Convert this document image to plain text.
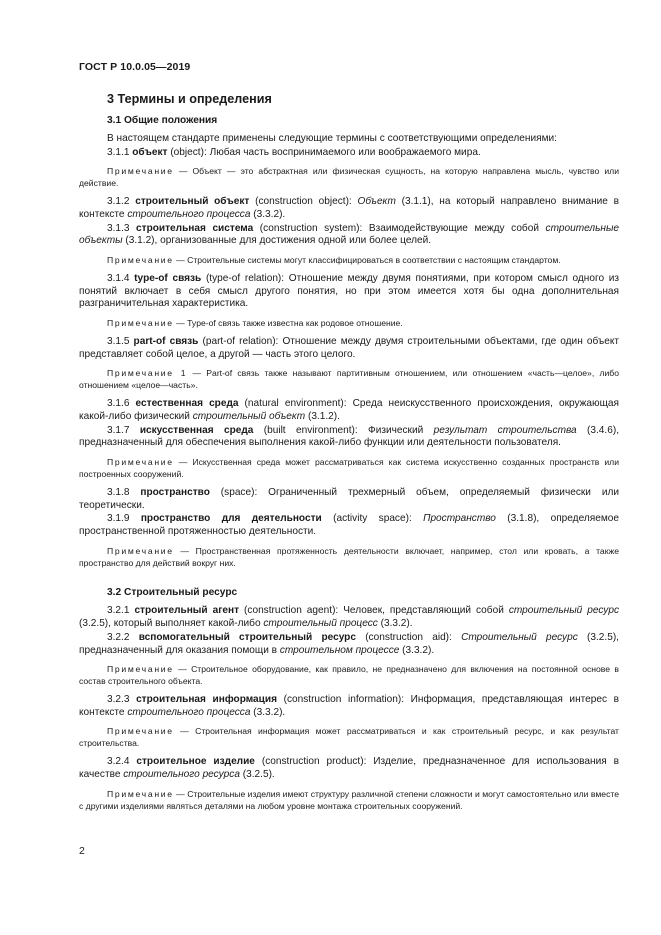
ГОСТ Р 10.0.05—2019
3 Термины и определения
3.1 Общие положения

В настоящем стандарте применены следующие термины с соответствующими определениями:

3.1.1 объект (object): Любая часть воспринимаемого или воображаемого мира.

Примечание — Объект — это абстрактная или физическая сущность, на которую направлена мысль, чувство или действие.

3.1.2 строительный объект (construction object): Объект (3.1.1), на который направлено внимание в контексте строительного процесса (3.3.2).

3.1.3 строительная система (construction system): Взаимодействующие между собой строительные объекты (3.1.2), организованные для достижения одной или более целей.

Примечание — Строительные системы могут классифицироваться в соответствии с настоящим стандартом.

3.1.4 type-of связь (type-of relation): Отношение между двумя понятиями, при котором смысл одного из понятий включает в себя смысл другого понятия, но при этом имеется хотя бы одна дополнительная разграничительная характеристика.

Примечание — Type-of связь также известна как родовое отношение.

3.1.5 part-of связь (part-of relation): Отношение между двумя строительными объектами, где один объект представляет собой целое, а другой — часть этого целого.

Примечание 1 — Part-of связь также называют партитивным отношением, или отношением «часть—целое», либо отношением «целое—часть».

3.1.6 естественная среда (natural environment): Среда неискусственного происхождения, окружающая какой-либо физический строительный объект (3.1.2).

3.1.7 искусственная среда (built environment): Физический результат строительства (3.4.6), предназначенный для обеспечения выполнения какой-либо функции или деятельности пользователя.

Примечание — Искусственная среда может рассматриваться как система искусственно созданных пространств или построенных сооружений.

3.1.8 пространство (space): Ограниченный трехмерный объем, определяемый физически или теоретически.

3.1.9 пространство для деятельности (activity space): Пространство (3.1.8), определяемое пространственной протяженностью деятельности.

Примечание — Пространственная протяженность деятельности включает, например, стол или кровать, а также пространство для действий вокруг них.

3.2 Строительный ресурс

3.2.1 строительный агент (construction agent): Человек, представляющий собой строительный ресурс (3.2.5), который выполняет какой-либо строительный процесс (3.3.2).

3.2.2 вспомогательный строительный ресурс (construction aid): Строительный ресурс (3.2.5), предназначенный для оказания помощи в строительном процессе (3.3.2).

Примечание — Строительное оборудование, как правило, не предназначено для включения на постоянной основе в состав строительного объекта.

3.2.3 строительная информация (construction information): Информация, представляющая интерес в контексте строительного процесса (3.3.2).

Примечание — Строительная информация может рассматриваться и как строительный ресурс, и как результат строительства.

3.2.4 строительное изделие (construction product): Изделие, предназначенное для использования в качестве строительного ресурса (3.2.5).

Примечание — Строительные изделия имеют структуру различной степени сложности и могут самостоятельно или вместе с другими изделиями являться деталями на любом уровне монтажа строительных сооружений.

2
